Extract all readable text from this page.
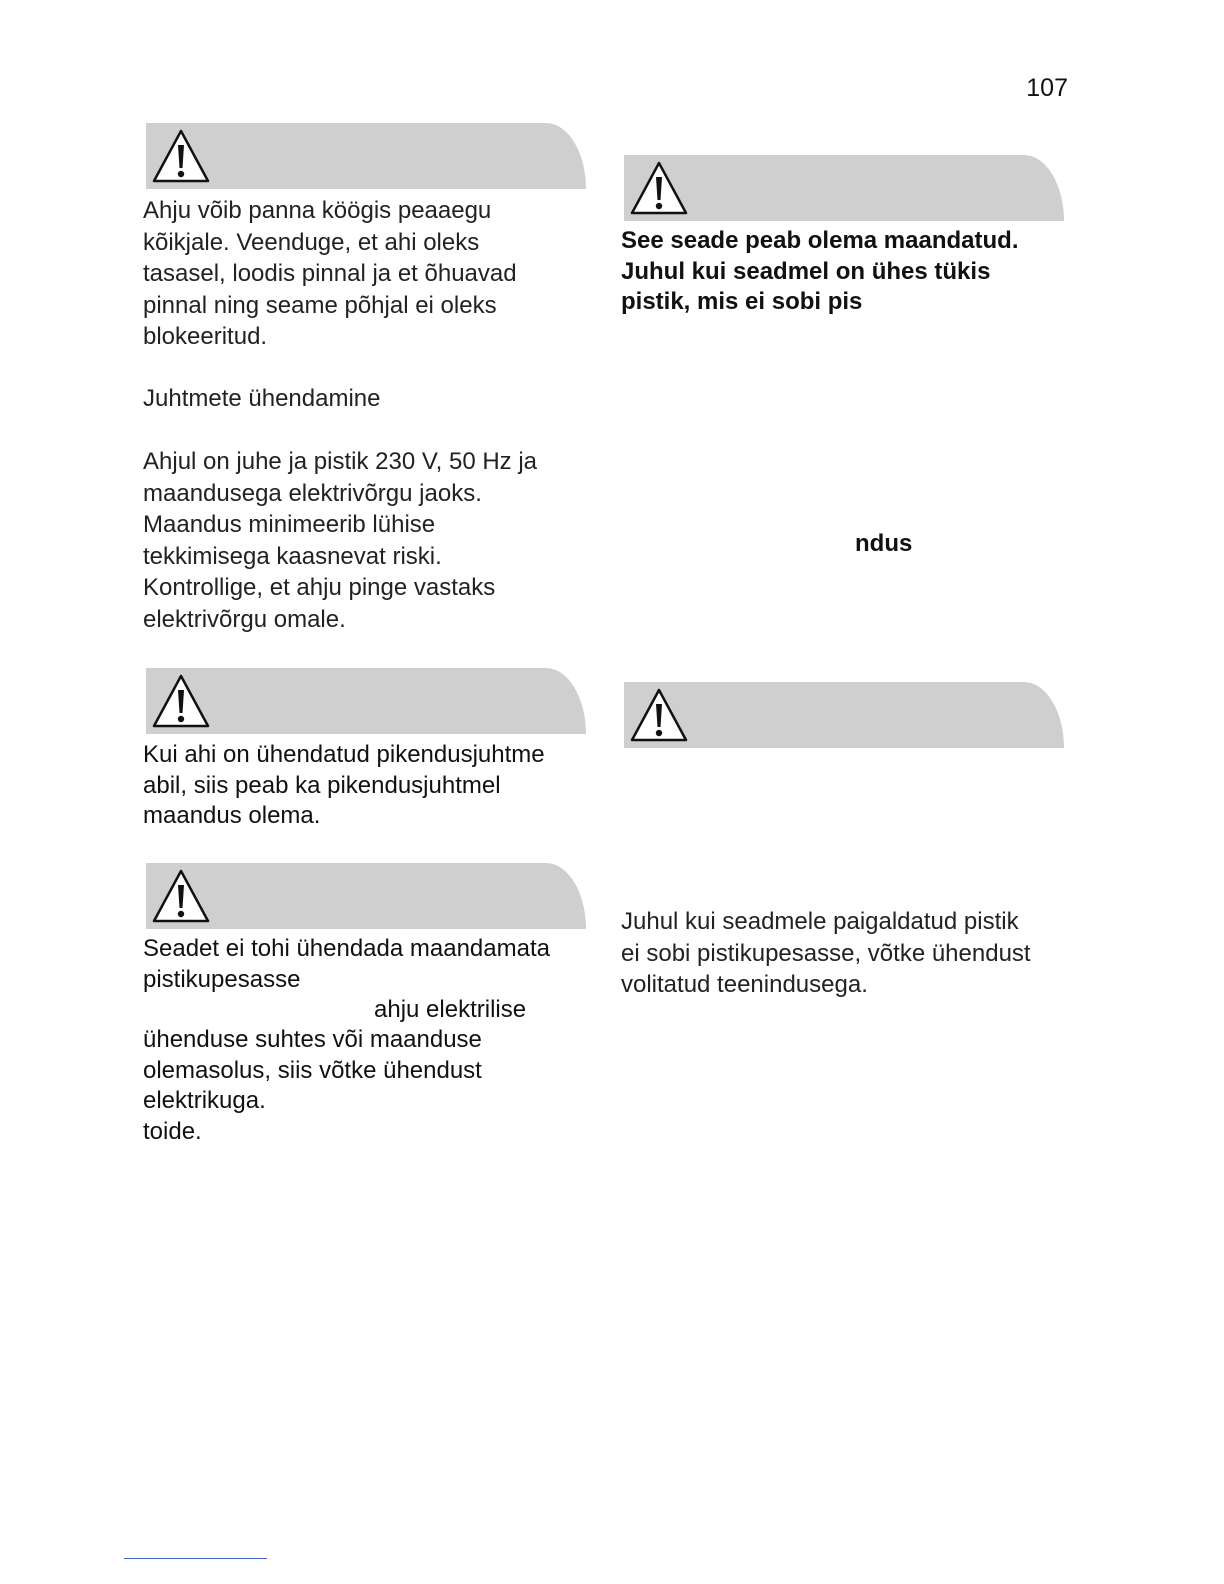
107

Ahju võib panna köögis peaaegu
kõikjale. Veenduge, et ahi oleks
tasasel, loodis pinnal ja et õhuavad
pinnal ning seame põhjal ei oleks
blokeeritud.

Juhtmete ühendamine

Ahjul on juhe ja pistik 230 V, 50 Hz ja
maandusega elektrivõrgu jaoks.
Maandus minimeerib lühise
tekkimisega kaasnevat riski.
Kontrollige, et ahju pinge vastaks
elektrivõrgu omale.

Kui ahi on ühendatud pikendusjuhtme
abil, siis peab ka pikendusjuhtmel
maandus olema.

Seadet ei tohi ühendada maandamata
pistikupesasse

ahju elektrilise

ühenduse suhtes või maanduse
olemasolus, siis võtke ühendust
elektrikuga.
toide.

See seade peab olema maandatud.
Juhul kui seadmel on ühes tükis
pistik, mis ei sobi pis

ndus

Juhul kui seadmele paigaldatud pistik
ei sobi pistikupesasse, võtke ühendust
volitatud teenindusega.
